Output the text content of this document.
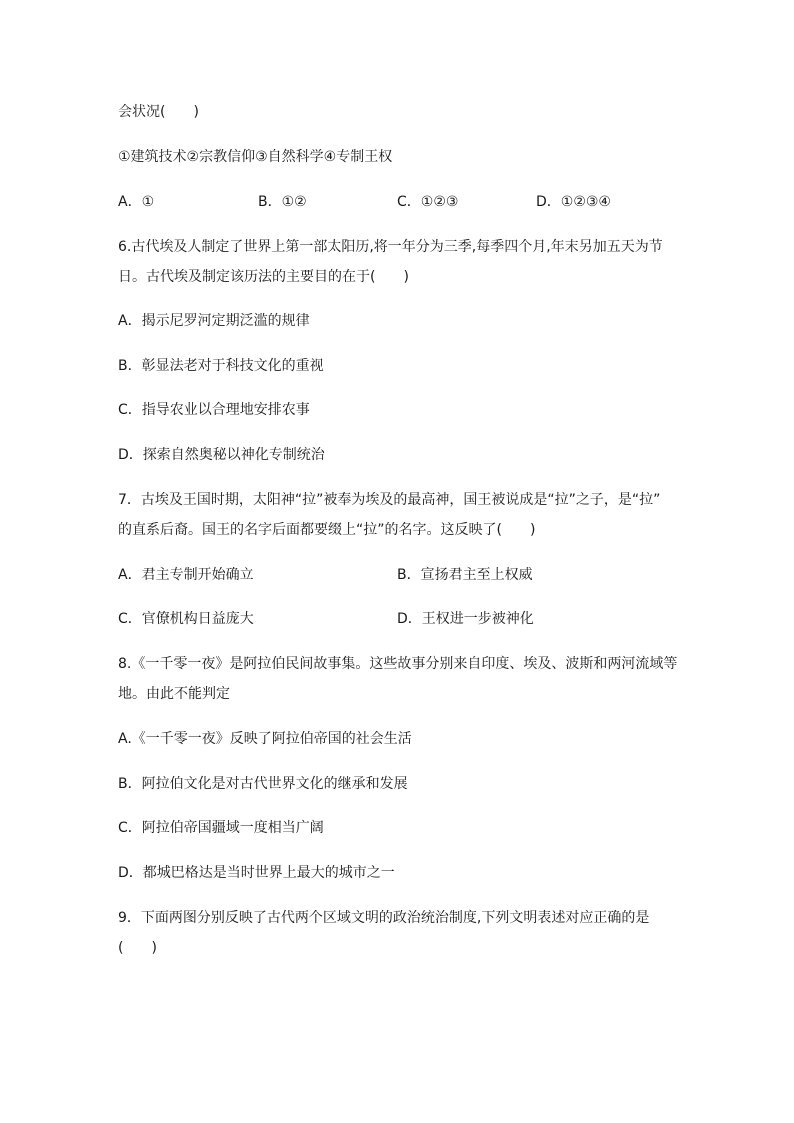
会状况(　　)
①建筑技术②宗教信仰③自然科学④专制王权
A．①	B．①②	C．①②③	D．①②③④
6.古代埃及人制定了世界上第一部太阳历,将一年分为三季,每季四个月,年末另加五天为节
日。古代埃及制定该历法的主要目的在于(　　)
A．揭示尼罗河定期泛滥的规律
B．彰显法老对于科技文化的重视
C．指导农业以合理地安排农事
D．探索自然奥秘以神化专制统治
7．古埃及王国时期，太阳神“拉”被奉为埃及的最高神，国王被说成是“拉”之子，是“拉”
的直系后裔。国王的名字后面都要缀上“拉”的名字。这反映了(　　)
A．君主专制开始确立	B．宣扬君主至上权威
C．官僚机构日益庞大	D．王权进一步被神化
8.《一千零一夜》是阿拉伯民间故事集。这些故事分别来自印度、埃及、波斯和两河流域等
地。由此不能判定
A.《一千零一夜》反映了阿拉伯帝国的社会生活
B．阿拉伯文化是对古代世界文化的继承和发展
C．阿拉伯帝国疆域一度相当广阔
D．都城巴格达是当时世界上最大的城市之一
9．下面两图分别反映了古代两个区域文明的政治统治制度,下列文明表述对应正确的是
(　　)
